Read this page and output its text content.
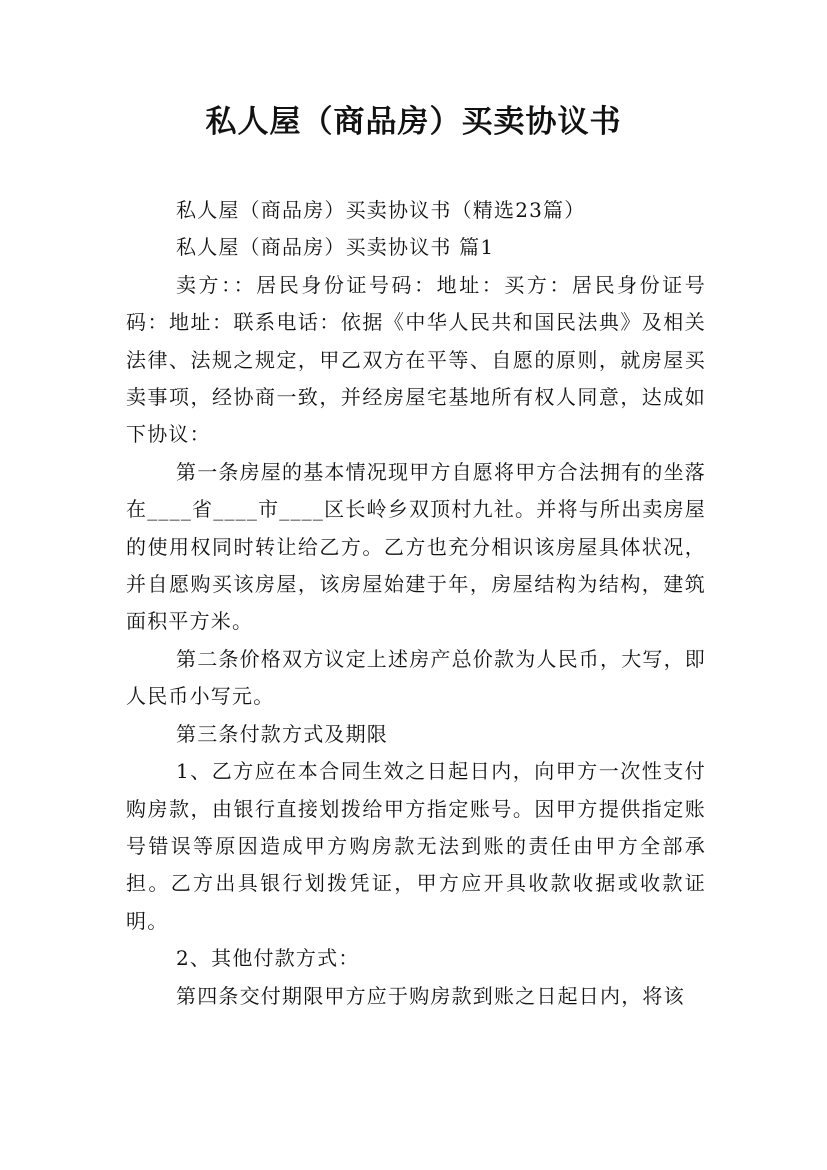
私人屋（商品房）买卖协议书

私人屋（商品房）买卖协议书（精选23篇）

私人屋（商品房）买卖协议书 篇1

卖方：：居民身份证号码：地址：买方：居民身份证号码：地址：联系电话：依据《中华人民共和国民法典》及相关法律、法规之规定，甲乙双方在平等、自愿的原则，就房屋买卖事项，经协商一致，并经房屋宅基地所有权人同意，达成如下协议：

第一条房屋的基本情况现甲方自愿将甲方合法拥有的坐落在____省____市____区长岭乡双顶村九社。并将与所出卖房屋的使用权同时转让给乙方。乙方也充分相识该房屋具体状况，并自愿购买该房屋，该房屋始建于年，房屋结构为结构，建筑面积平方米。

第二条价格双方议定上述房产总价款为人民币，大写，即人民币小写元。

第三条付款方式及期限

1、乙方应在本合同生效之日起日内，向甲方一次性支付购房款，由银行直接划拨给甲方指定账号。因甲方提供指定账号错误等原因造成甲方购房款无法到账的责任由甲方全部承担。乙方出具银行划拨凭证，甲方应开具收款收据或收款证明。

2、其他付款方式：

第四条交付期限甲方应于购房款到账之日起日内，将该
